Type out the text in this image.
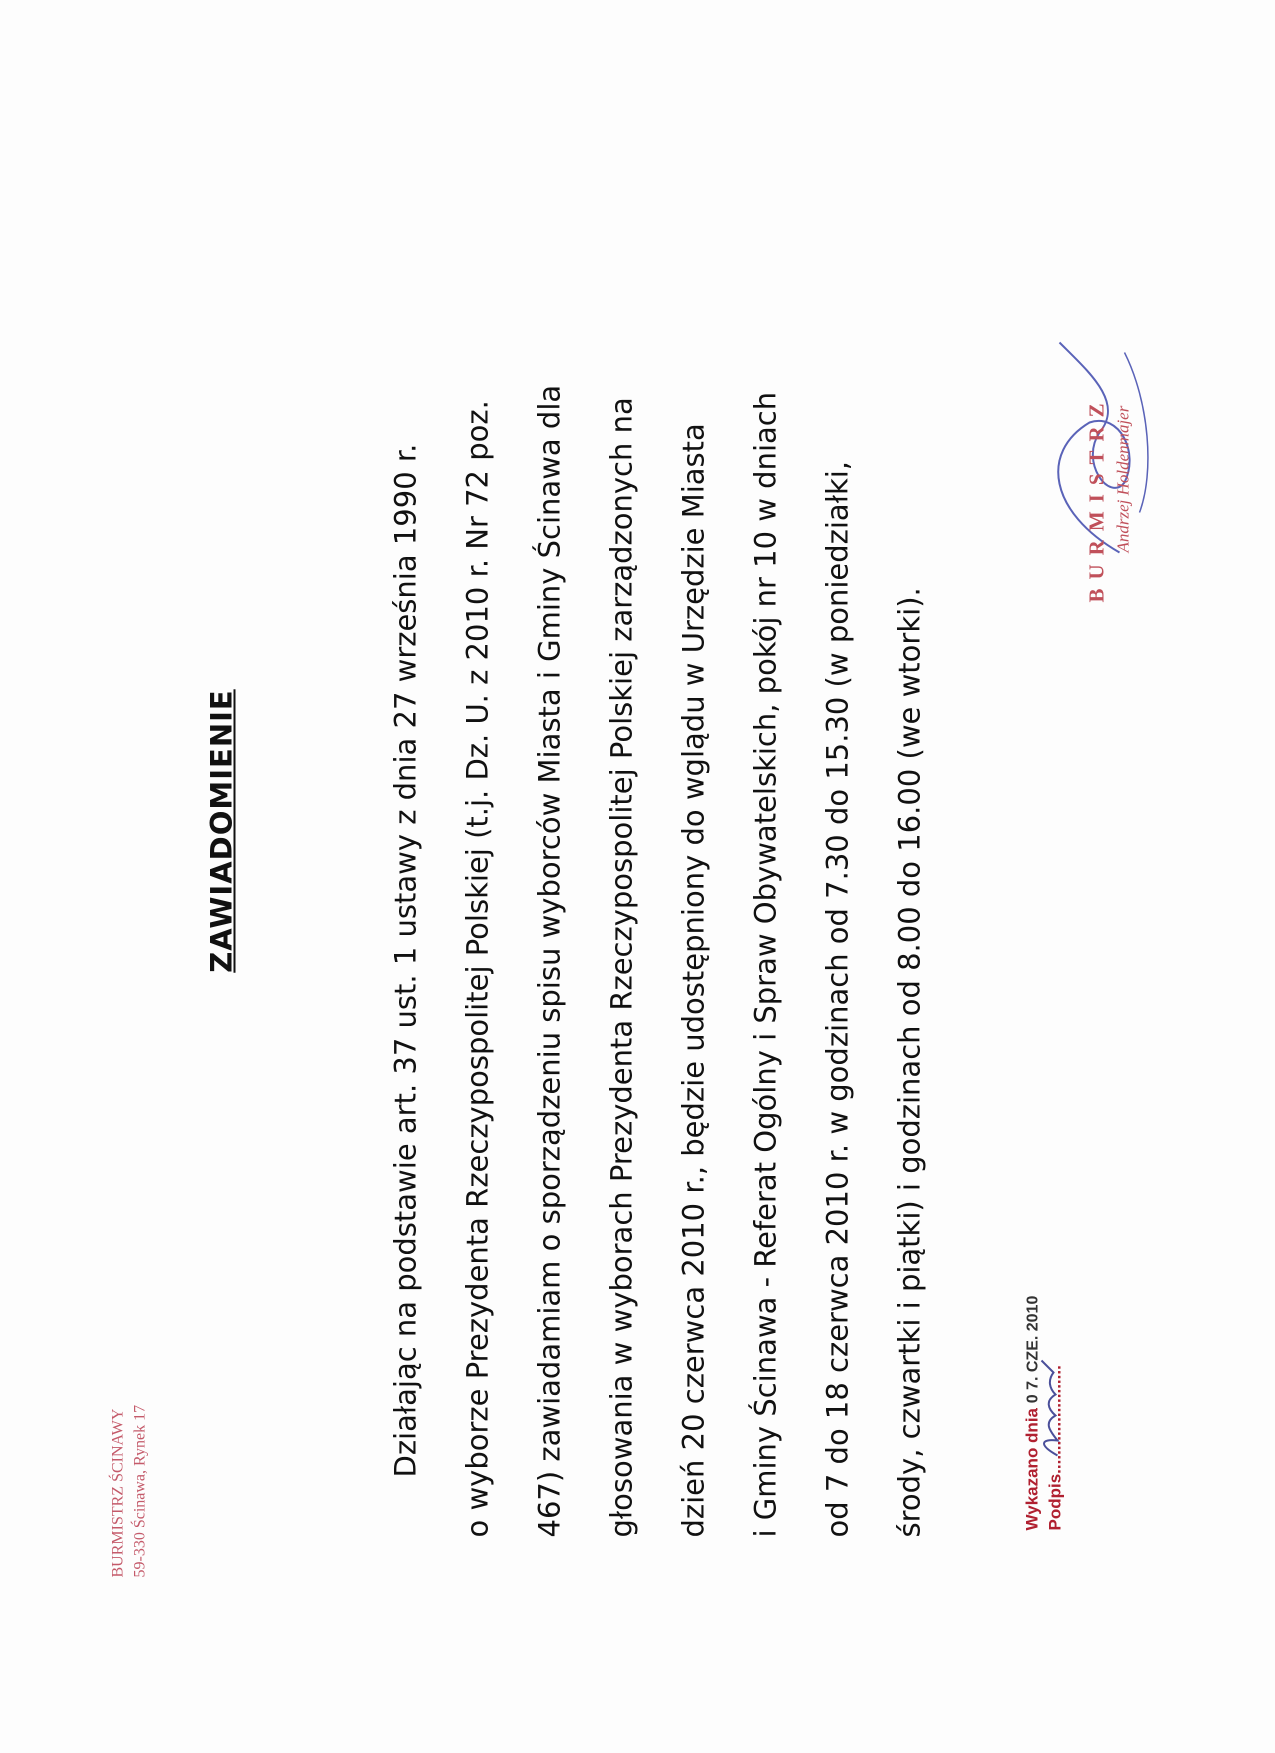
BURMISTRZ ŚCINAWY 59-330 Ścinawa, Rynek 17
ZAWIADOMIENIE	Działając na podstawie art. 37 ust. 1 ustawy z dnia 27 września 1990 r.	o wyborze Prezydenta Rzeczypospolitej Polskiej (t.j. Dz. U. z 2010 r. Nr 72 poz.	467) zawiadamiam o sporządzeniu spisu wyborców Miasta i Gminy Ścinawa dla	głosowania w wyborach Prezydenta Rzeczypospolitej Polskiej zarządzonych na	dzień 20 czerwca 2010 r., będzie udostępniony do wglądu w Urzędzie Miasta	i Gminy Ścinawa - Referat Ogólny i Spraw Obywatelskich, pokój nr 10 w dniach	od 7 do 18 czerwca 2010 r. w godzinach od 7.30 do 15.30 (w poniedziałki,	środy, czwartki i piątki) i godzinach od 8.00 do 16.00 (we wtorki).	Wykazano dnia 0 7. CZE. 2010
Podpis.......................
BURMISTRZ Andrzej Holdenmajer
